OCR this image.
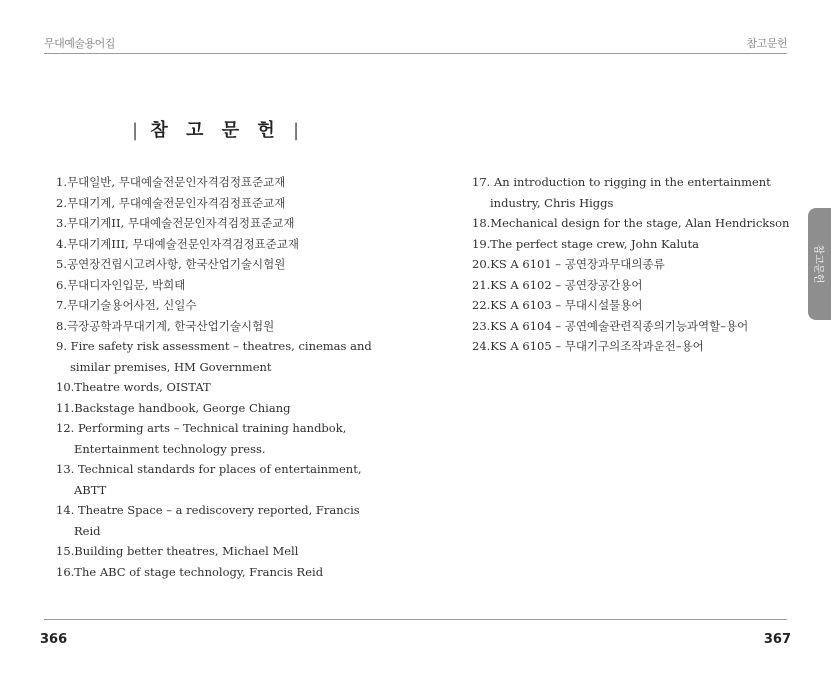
무대예술용어집	참고문헌
| 참 고 문 헌 |
1. 무대일반, 무대예술전문인자격검정표준교재
2. 무대기계, 무대예술전문인자격검정표준교재
3. 무대기계II, 무대예술전문인자격검정표준교재
4. 무대기계III, 무대예술전문인자격검정표준교재
5. 공연장건립시고려사항, 한국산업기술시험원
6. 무대디자인입문, 박희태
7. 무대기술용어사전, 신일수
8. 극장공학과무대기계, 한국산업기술시험원
9. Fire safety risk assessment – theatres, cinemas and
similar premises, HM Government
10. Theatre words, OISTAT
11. Backstage handbook, George Chiang
12. Performing arts – Technical training handbok,
Entertainment technology press.
13. Technical standards for places of entertainment,
ABTT
14. Theatre Space – a rediscovery reported, Francis
Reid
15. Building better theatres, Michael Mell
16. The ABC of stage technology, Francis Reid
17. An introduction to rigging in the entertainment
industry, Chris Higgs
18. Mechanical design for the stage, Alan Hendrickson
19. The perfect stage crew, John Kaluta
20. KS A 6101 – 공연장과무대의종류
21. KS A 6102 – 공연장공간용어
22. KS A 6103 – 무대시설물용어
23. KS A 6104 – 공연예술관련직종의기능과역할–용어
24. KS A 6105 – 무대기구의조작과운전–용어
참고문헌
366	367
